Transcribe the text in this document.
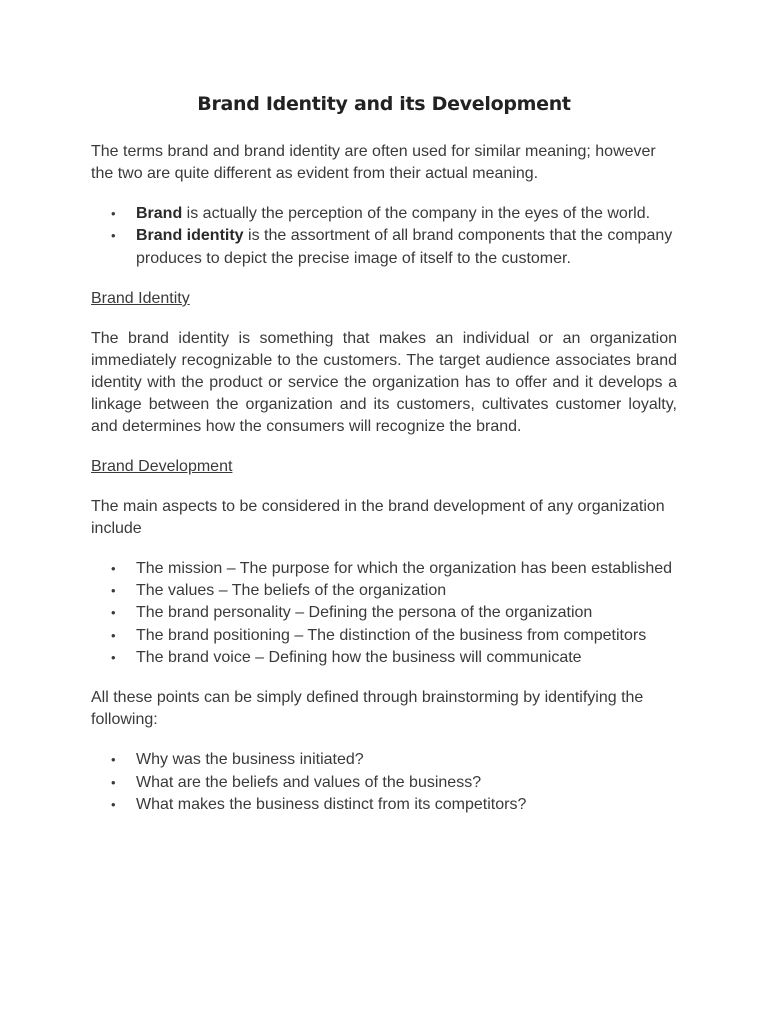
Brand Identity and its Development

The terms brand and brand identity are often used for similar meaning; however the two are quite different as evident from their actual meaning.

• Brand is actually the perception of the company in the eyes of the world.
• Brand identity is the assortment of all brand components that the company produces to depict the precise image of itself to the customer.
Brand Identity

The brand identity is something that makes an individual or an organization immediately recognizable to the customers. The target audience associates brand identity with the product or service the organization has to offer and it develops a linkage between the organization and its customers, cultivates customer loyalty, and determines how the consumers will recognize the brand.

Brand Development

The main aspects to be considered in the brand development of any organization include

• The mission – The purpose for which the organization has been established
• The values – The beliefs of the organization
• The brand personality – Defining the persona of the organization
• The brand positioning – The distinction of the business from competitors
• The brand voice – Defining how the business will communicate

All these points can be simply defined through brainstorming by identifying the following:

• Why was the business initiated?
• What are the beliefs and values of the business?
• What makes the business distinct from its competitors?
